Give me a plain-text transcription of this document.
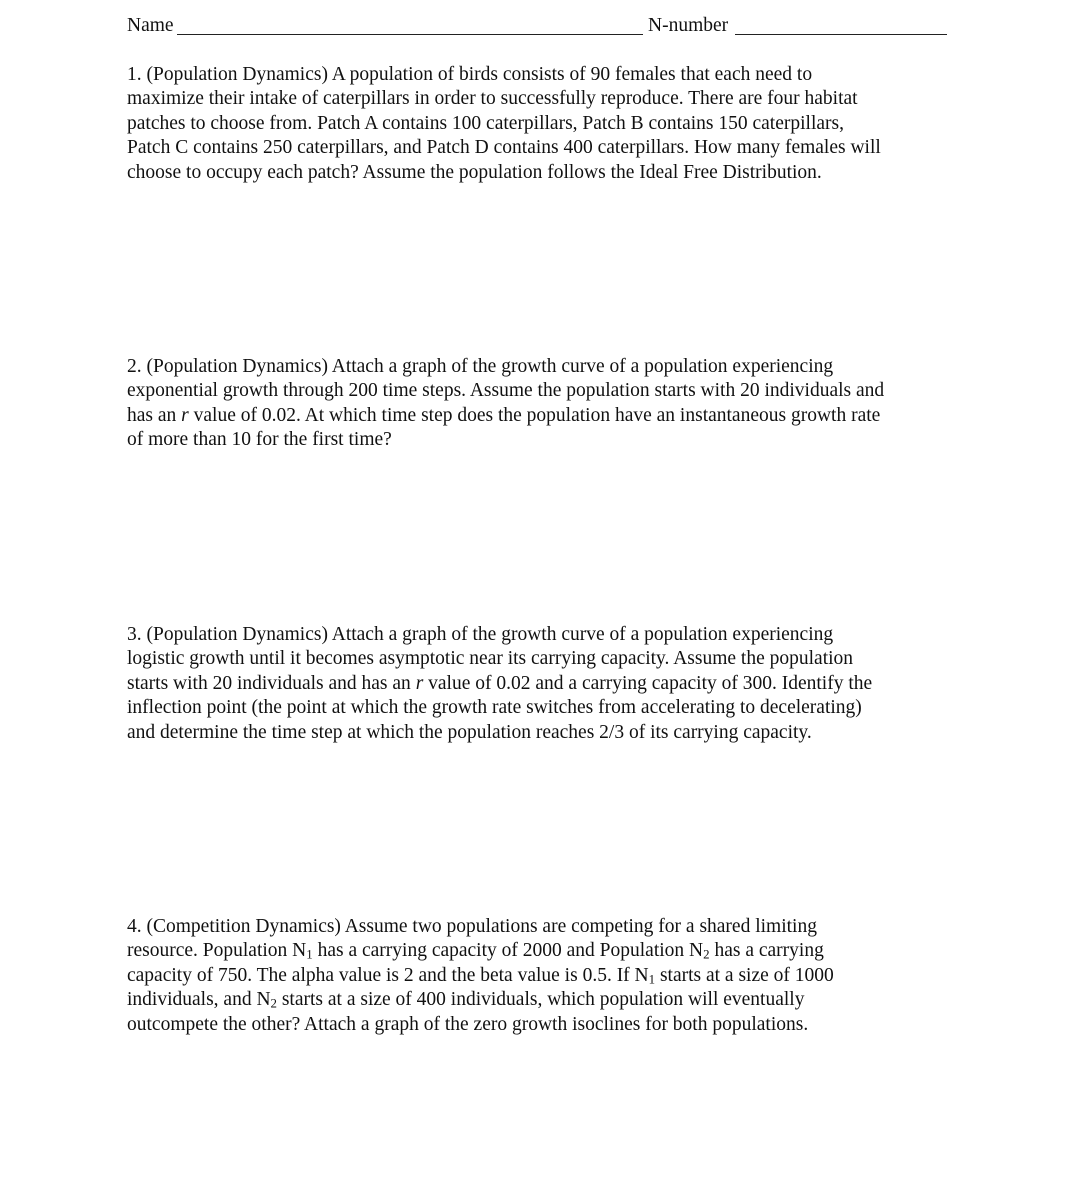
Name	N-number
1. (Population Dynamics) A population of birds consists of 90 females that each need to
maximize their intake of caterpillars in order to successfully reproduce. There are four habitat
patches to choose from. Patch A contains 100 caterpillars, Patch B contains 150 caterpillars,
Patch C contains 250 caterpillars, and Patch D contains 400 caterpillars. How many females will
choose to occupy each patch? Assume the population follows the Ideal Free Distribution.
2. (Population Dynamics) Attach a graph of the growth curve of a population experiencing
exponential growth through 200 time steps. Assume the population starts with 20 individuals and
has an r value of 0.02. At which time step does the population have an instantaneous growth rate
of more than 10 for the first time?
3. (Population Dynamics) Attach a graph of the growth curve of a population experiencing
logistic growth until it becomes asymptotic near its carrying capacity. Assume the population
starts with 20 individuals and has an r value of 0.02 and a carrying capacity of 300. Identify the
inflection point (the point at which the growth rate switches from accelerating to decelerating)
and determine the time step at which the population reaches 2/3 of its carrying capacity.
4. (Competition Dynamics) Assume two populations are competing for a shared limiting
resource. Population N1 has a carrying capacity of 2000 and Population N2 has a carrying
capacity of 750. The alpha value is 2 and the beta value is 0.5. If N1 starts at a size of 1000
individuals, and N2 starts at a size of 400 individuals, which population will eventually
outcompete the other? Attach a graph of the zero growth isoclines for both populations.
